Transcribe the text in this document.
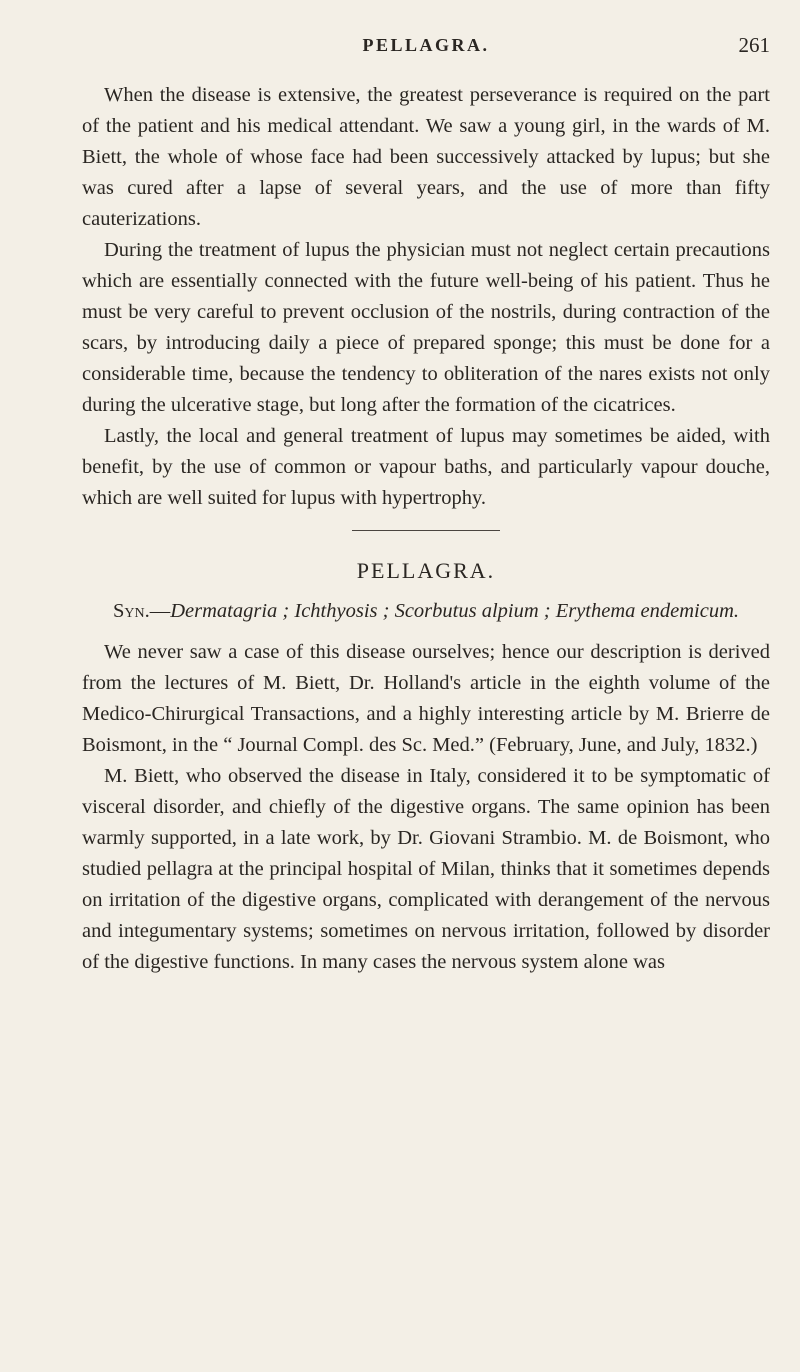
PELLAGRA.	261

When the disease is extensive, the greatest perseverance is required on the part of the patient and his medical attendant. We saw a young girl, in the wards of M. Biett, the whole of whose face had been successively attacked by lupus; but she was cured after a lapse of several years, and the use of more than fifty cauterizations.

During the treatment of lupus the physician must not neglect certain precautions which are essentially connected with the future well-being of his patient. Thus he must be very careful to prevent occlusion of the nostrils, during contraction of the scars, by introducing daily a piece of prepared sponge; this must be done for a considerable time, because the tendency to obliteration of the nares exists not only during the ulcerative stage, but long after the formation of the cicatrices.

Lastly, the local and general treatment of lupus may sometimes be aided, with benefit, by the use of common or vapour baths, and particularly vapour douche, which are well suited for lupus with hypertrophy.

PELLAGRA.
Syn.—Dermatagria ; Ichthyosis ; Scorbutus alpium ; Erythema endemicum.

We never saw a case of this disease ourselves; hence our description is derived from the lectures of M. Biett, Dr. Holland's article in the eighth volume of the Medico-Chirurgical Transactions, and a highly interesting article by M. Brierre de Boismont, in the “ Journal Compl. des Sc. Med.” (February, June, and July, 1832.)

M. Biett, who observed the disease in Italy, considered it to be symptomatic of visceral disorder, and chiefly of the digestive organs. The same opinion has been warmly supported, in a late work, by Dr. Giovani Strambio. M. de Boismont, who studied pellagra at the principal hospital of Milan, thinks that it sometimes depends on irritation of the digestive organs, complicated with derangement of the nervous and integumentary systems; sometimes on nervous irritation, followed by disorder of the digestive functions. In many cases the nervous system alone was
